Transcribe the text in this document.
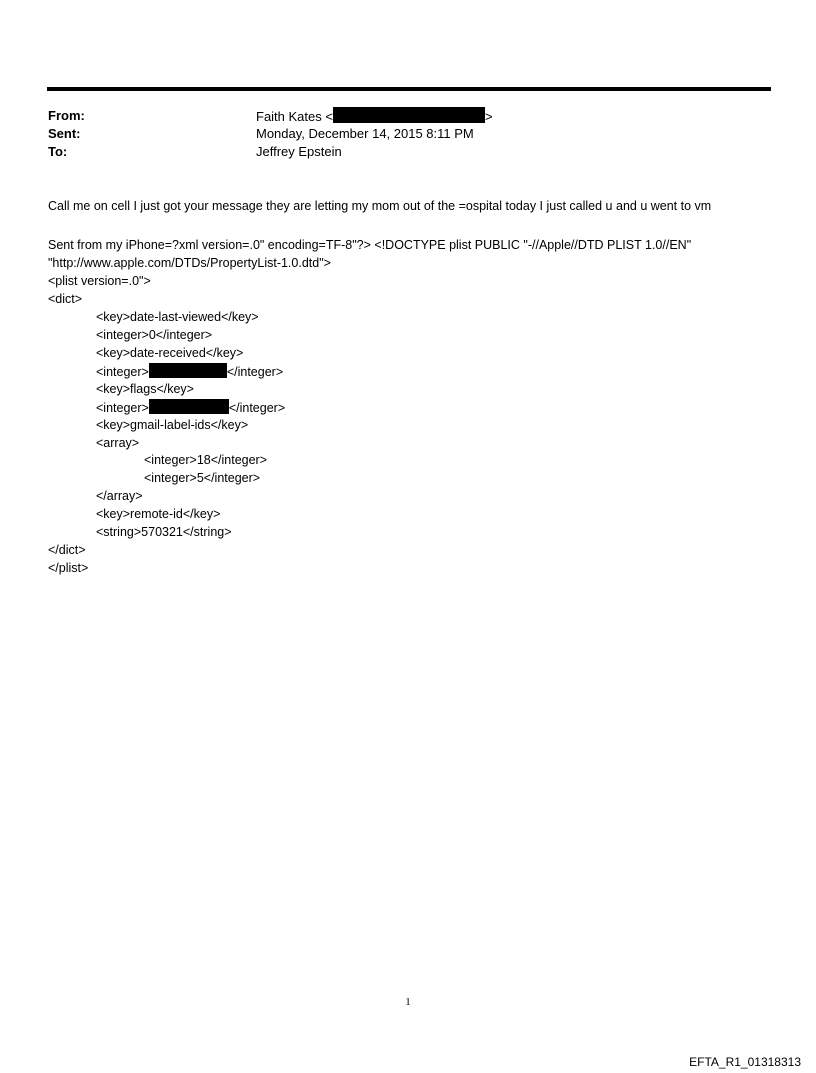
From:	Faith Kates <	>
Sent:	Monday, December 14, 2015 8:11 PM
To:	Jeffrey Epstein
Call me on cell I just got your message they are letting my mom out of the =ospital today I just called u and u went to vm
Sent from my iPhone=?xml version=.0" encoding=TF-8"?> <!DOCTYPE plist PUBLIC "-//Apple//DTD PLIST 1.0//EN"
"http://www.apple.com/DTDs/PropertyList-1.0.dtd">
<plist version=.0">
<dict>
<key>date-last-viewed</key>
<integer>0</integer>
<key>date-received</key>
<integer>	</integer>
<key>flags</key>
<integer>	</integer>
<key>gmail-label-ids</key>
<array>
<integer>18</integer>
<integer>5</integer>
</array>
<key>remote-id</key>
<string>570321</string>
</dict>
</plist>
1
EFTA_R1_01318313
